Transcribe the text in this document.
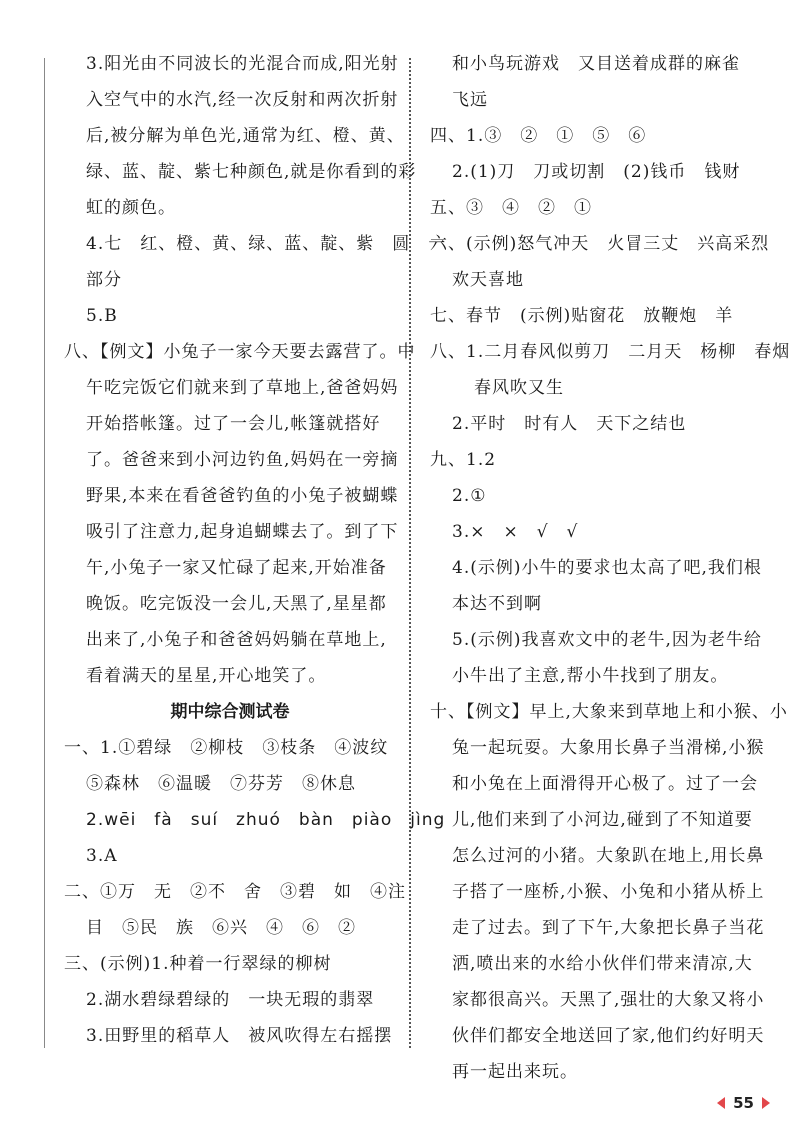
3.阳光由不同波长的光混合而成,阳光射

入空气中的水汽,经一次反射和两次折射

后,被分解为单色光,通常为红、橙、黄、

绿、蓝、靛、紫七种颜色,就是你看到的彩

虹的颜色。

4.七　红、橙、黄、绿、蓝、靛、紫　圆　一

部分

5.B

八、【例文】小兔子一家今天要去露营了。中

午吃完饭它们就来到了草地上,爸爸妈妈

开始搭帐篷。过了一会儿,帐篷就搭好

了。爸爸来到小河边钓鱼,妈妈在一旁摘

野果,本来在看爸爸钓鱼的小兔子被蝴蝶

吸引了注意力,起身追蝴蝶去了。到了下

午,小兔子一家又忙碌了起来,开始准备

晚饭。吃完饭没一会儿,天黑了,星星都

出来了,小兔子和爸爸妈妈躺在草地上,

看着满天的星星,开心地笑了。

期中综合测试卷

一、1.①碧绿　②柳枝　③枝条　④波纹

⑤森林　⑥温暖　⑦芬芳　⑧休息

2.wēi　fà　suí　zhuó　bàn　piào　jìng

3.A

二、①万　无　②不　舍　③碧　如　④注

目　⑤民　族　⑥兴　④　⑥　②

三、(示例)1.种着一行翠绿的柳树

2.湖水碧绿碧绿的　一块无瑕的翡翠

3.田野里的稻草人　被风吹得左右摇摆

和小鸟玩游戏　又目送着成群的麻雀

飞远

四、1.③　②　①　⑤　⑥

2.(1)刀　刀或切割　(2)钱币　钱财

五、③　④　②　①

六、(示例)怒气冲天　火冒三丈　兴高采烈

欢天喜地

七、春节　(示例)贴窗花　放鞭炮　羊

八、1.二月春风似剪刀　二月天　杨柳　春烟

春风吹又生

2.平时　时有人　天下之结也

九、1.2

2.①

3.×　×　√　√

4.(示例)小牛的要求也太高了吧,我们根

本达不到啊

5.(示例)我喜欢文中的老牛,因为老牛给

小牛出了主意,帮小牛找到了朋友。

十、【例文】早上,大象来到草地上和小猴、小

兔一起玩耍。大象用长鼻子当滑梯,小猴

和小兔在上面滑得开心极了。过了一会

儿,他们来到了小河边,碰到了不知道要

怎么过河的小猪。大象趴在地上,用长鼻

子搭了一座桥,小猴、小兔和小猪从桥上

走了过去。到了下午,大象把长鼻子当花

洒,喷出来的水给小伙伴们带来清凉,大

家都很高兴。天黑了,强壮的大象又将小

伙伴们都安全地送回了家,他们约好明天

再一起出来玩。

55
